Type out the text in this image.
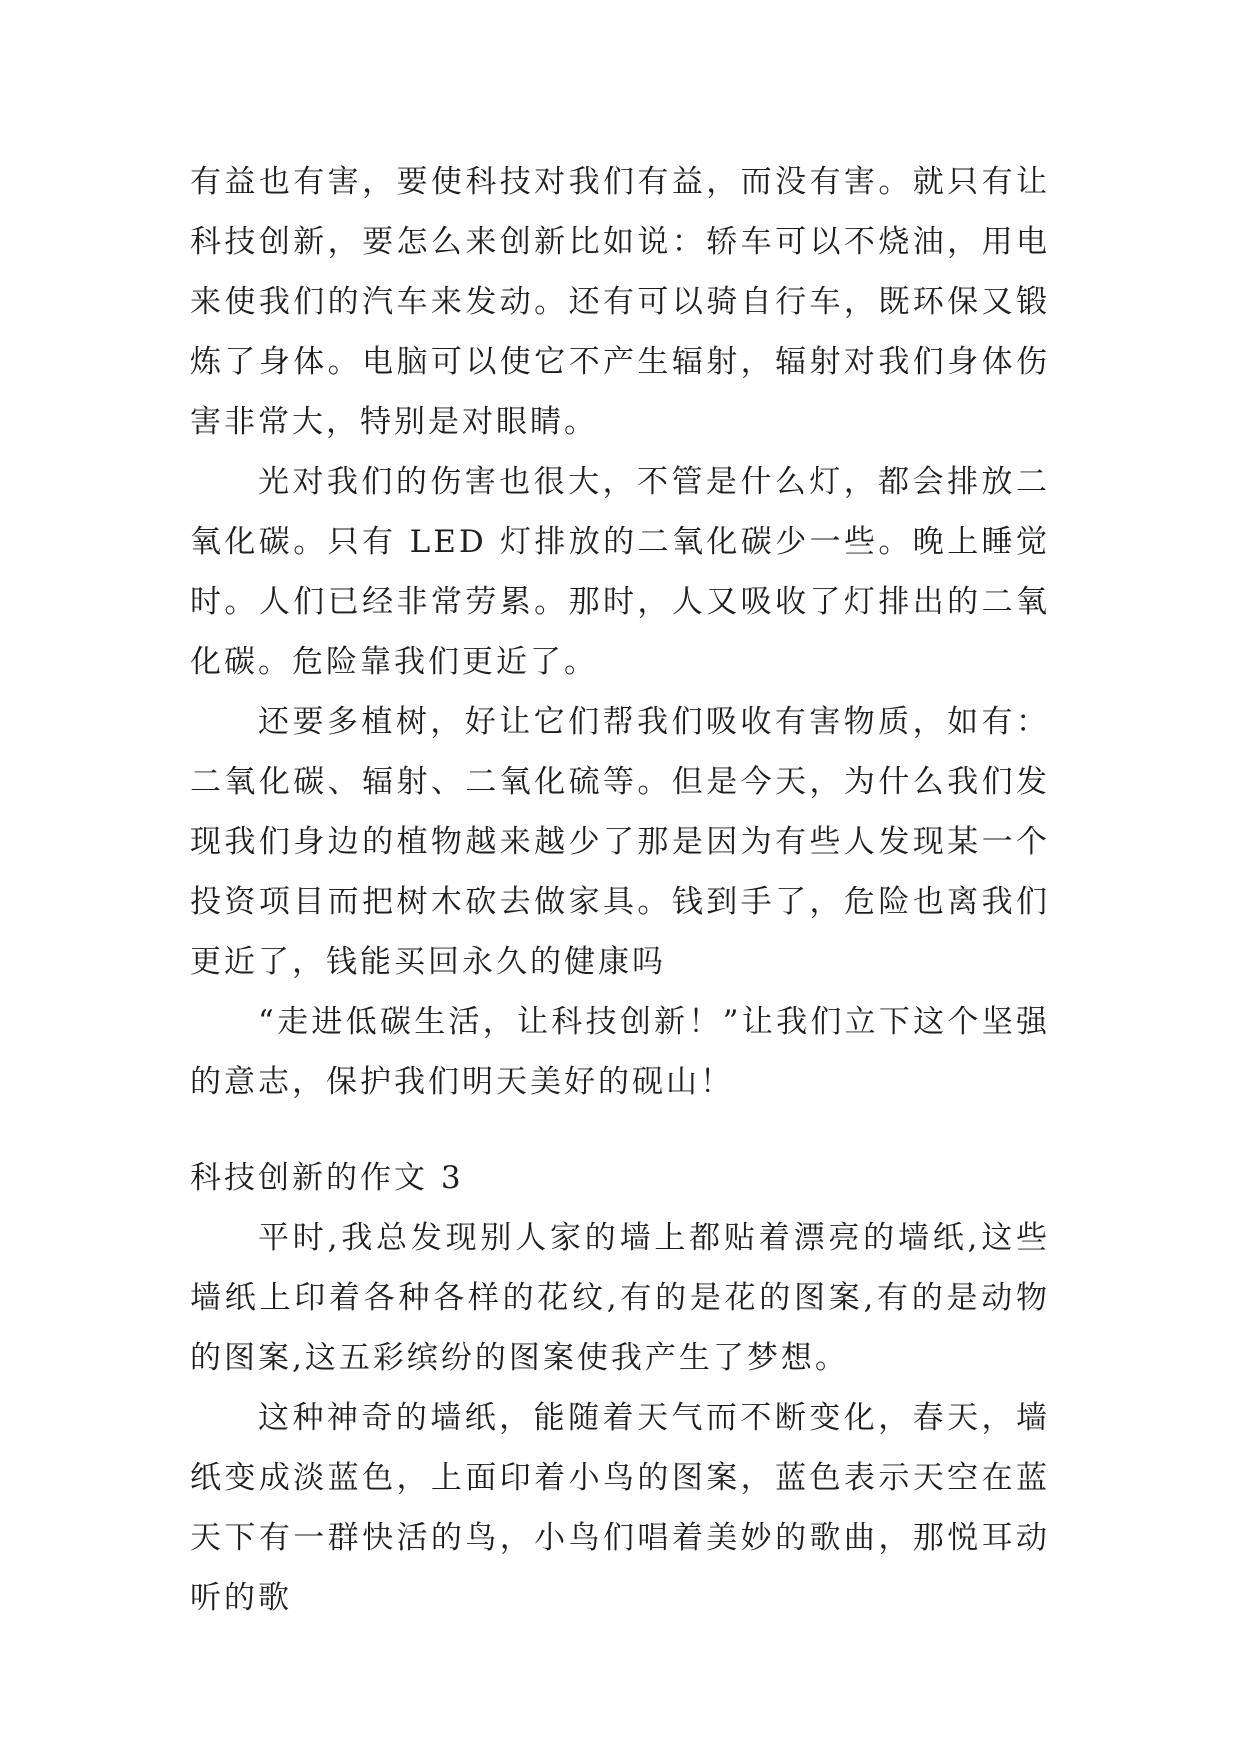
有益也有害，要使科技对我们有益，而没有害。就只有让科技创新，要怎么来创新比如说：轿车可以不烧油，用电来使我们的汽车来发动。还有可以骑自行车，既环保又锻炼了身体。电脑可以使它不产生辐射，辐射对我们身体伤害非常大，特别是对眼睛。

光对我们的伤害也很大，不管是什么灯，都会排放二氧化碳。只有 LED 灯排放的二氧化碳少一些。晚上睡觉时。人们已经非常劳累。那时，人又吸收了灯排出的二氧化碳。危险靠我们更近了。

还要多植树，好让它们帮我们吸收有害物质，如有：二氧化碳、辐射、二氧化硫等。但是今天，为什么我们发现我们身边的植物越来越少了那是因为有些人发现某一个投资项目而把树木砍去做家具。钱到手了，危险也离我们更近了，钱能买回永久的健康吗

“走进低碳生活，让科技创新！”让我们立下这个坚强的意志，保护我们明天美好的砚山！

科技创新的作文 3

平时,我总发现别人家的墙上都贴着漂亮的墙纸,这些墙纸上印着各种各样的花纹,有的是花的图案,有的是动物的图案,这五彩缤纷的图案使我产生了梦想。

这种神奇的墙纸，能随着天气而不断变化，春天，墙纸变成淡蓝色，上面印着小鸟的图案，蓝色表示天空在蓝天下有一群快活的鸟，小鸟们唱着美妙的歌曲，那悦耳动听的歌
